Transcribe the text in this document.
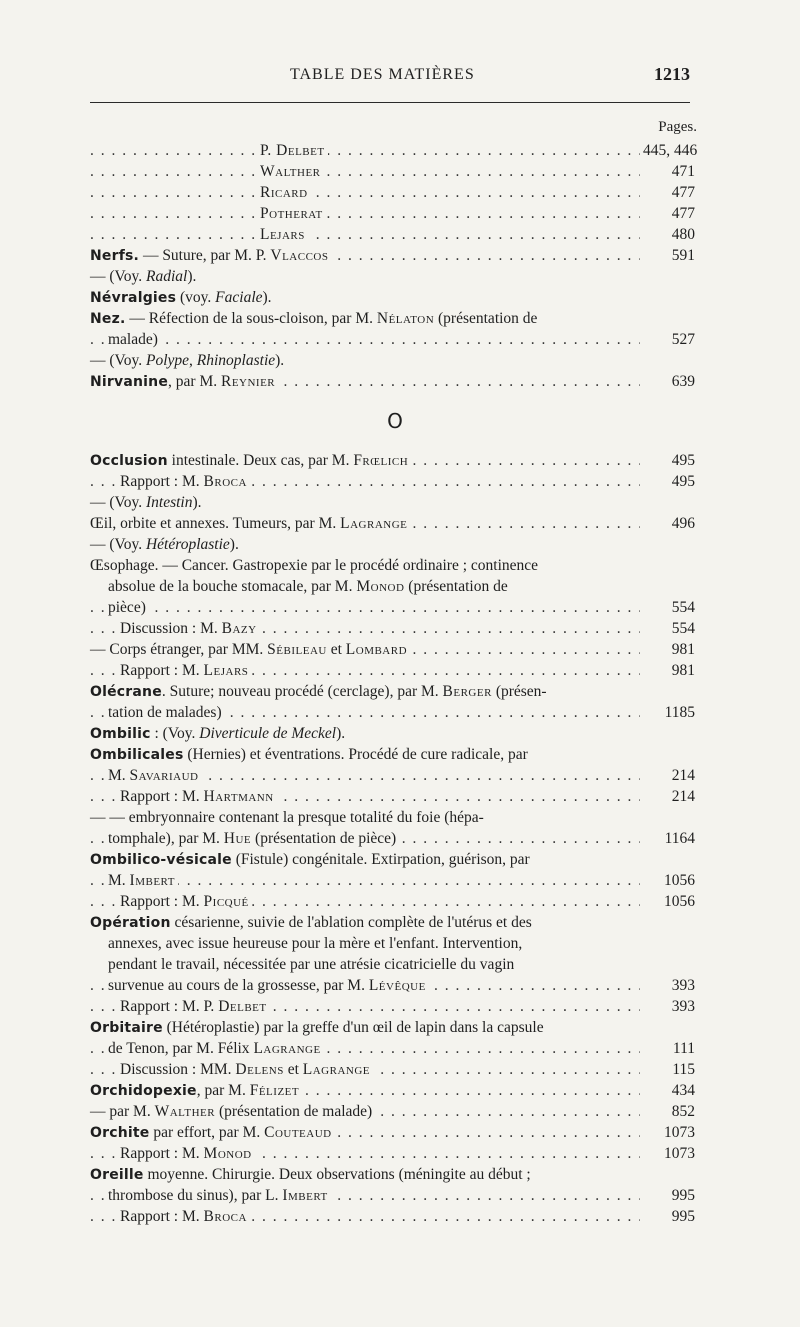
TABLE DES MATIÈRES	1213
Pages.
P. Delbet	445, 446
. . .
Walther	471
. . .
Ricard	477
. . .
Potherat	477
. . .
Lejars	480
. . .
Nerfs. — Suture, par M. P. Vlaccos	591
. . .
— (Voy. Radial).
Névralgies (voy. Faciale).
Nez. — Réfection de la sous-cloison, par M. Nélaton (présentation de
malade)	527
. . .
— (Voy. Polype, Rhinoplastie).
Nirvanine, par M. Reynier	639
. . .
O
Occlusion intestinale. Deux cas, par M. Frœlich	495
. . .
Rapport : M. Broca	495
. . .
— (Voy. Intestin).
Œil, orbite et annexes. Tumeurs, par M. Lagrange	496
. . .
— (Voy. Hétéroplastie).
Œsophage. — Cancer. Gastropexie par le procédé ordinaire ; continence
absolue de la bouche stomacale, par M. Monod (présentation de
pièce)	554
. . .
Discussion : M. Bazy	554
. . .
— Corps étranger, par MM. Sébileau et Lombard	981
. . .
Rapport : M. Lejars	981
. . .
Olécrane. Suture; nouveau procédé (cerclage), par M. Berger (présen-
tation de malades)	1185
. . .
Ombilic : (Voy. Diverticule de Meckel).
Ombilicales (Hernies) et éventrations. Procédé de cure radicale, par
M. Savariaud	214
. . .
Rapport : M. Hartmann	214
. . .
— — embryonnaire contenant la presque totalité du foie (hépa-
tomphale), par M. Hue (présentation de pièce)	1164
. . .
Ombilico-vésicale (Fistule) congénitale. Extirpation, guérison, par
M. Imbert	1056
. . .
Rapport : M. Picqué	1056
. . .
Opération césarienne, suivie de l'ablation complète de l'utérus et des
annexes, avec issue heureuse pour la mère et l'enfant. Intervention,
pendant le travail, nécessitée par une atrésie cicatricielle du vagin
survenue au cours de la grossesse, par M. Lévêque	393
. . .
Rapport : M. P. Delbet	393
. . .
Orbitaire (Hétéroplastie) par la greffe d'un œil de lapin dans la capsule
de Tenon, par M. Félix Lagrange	111
. . .
Discussion : MM. Delens et Lagrange	115
. . .
Orchidopexie, par M. Félizet	434
. . .
— par M. Walther (présentation de malade)	852
. . .
Orchite par effort, par M. Couteaud	1073
. . .
Rapport : M. Monod	1073
. . .
Oreille moyenne. Chirurgie. Deux observations (méningite au début ;
thrombose du sinus), par L. Imbert	995
. . .
Rapport : M. Broca	995
. . .
